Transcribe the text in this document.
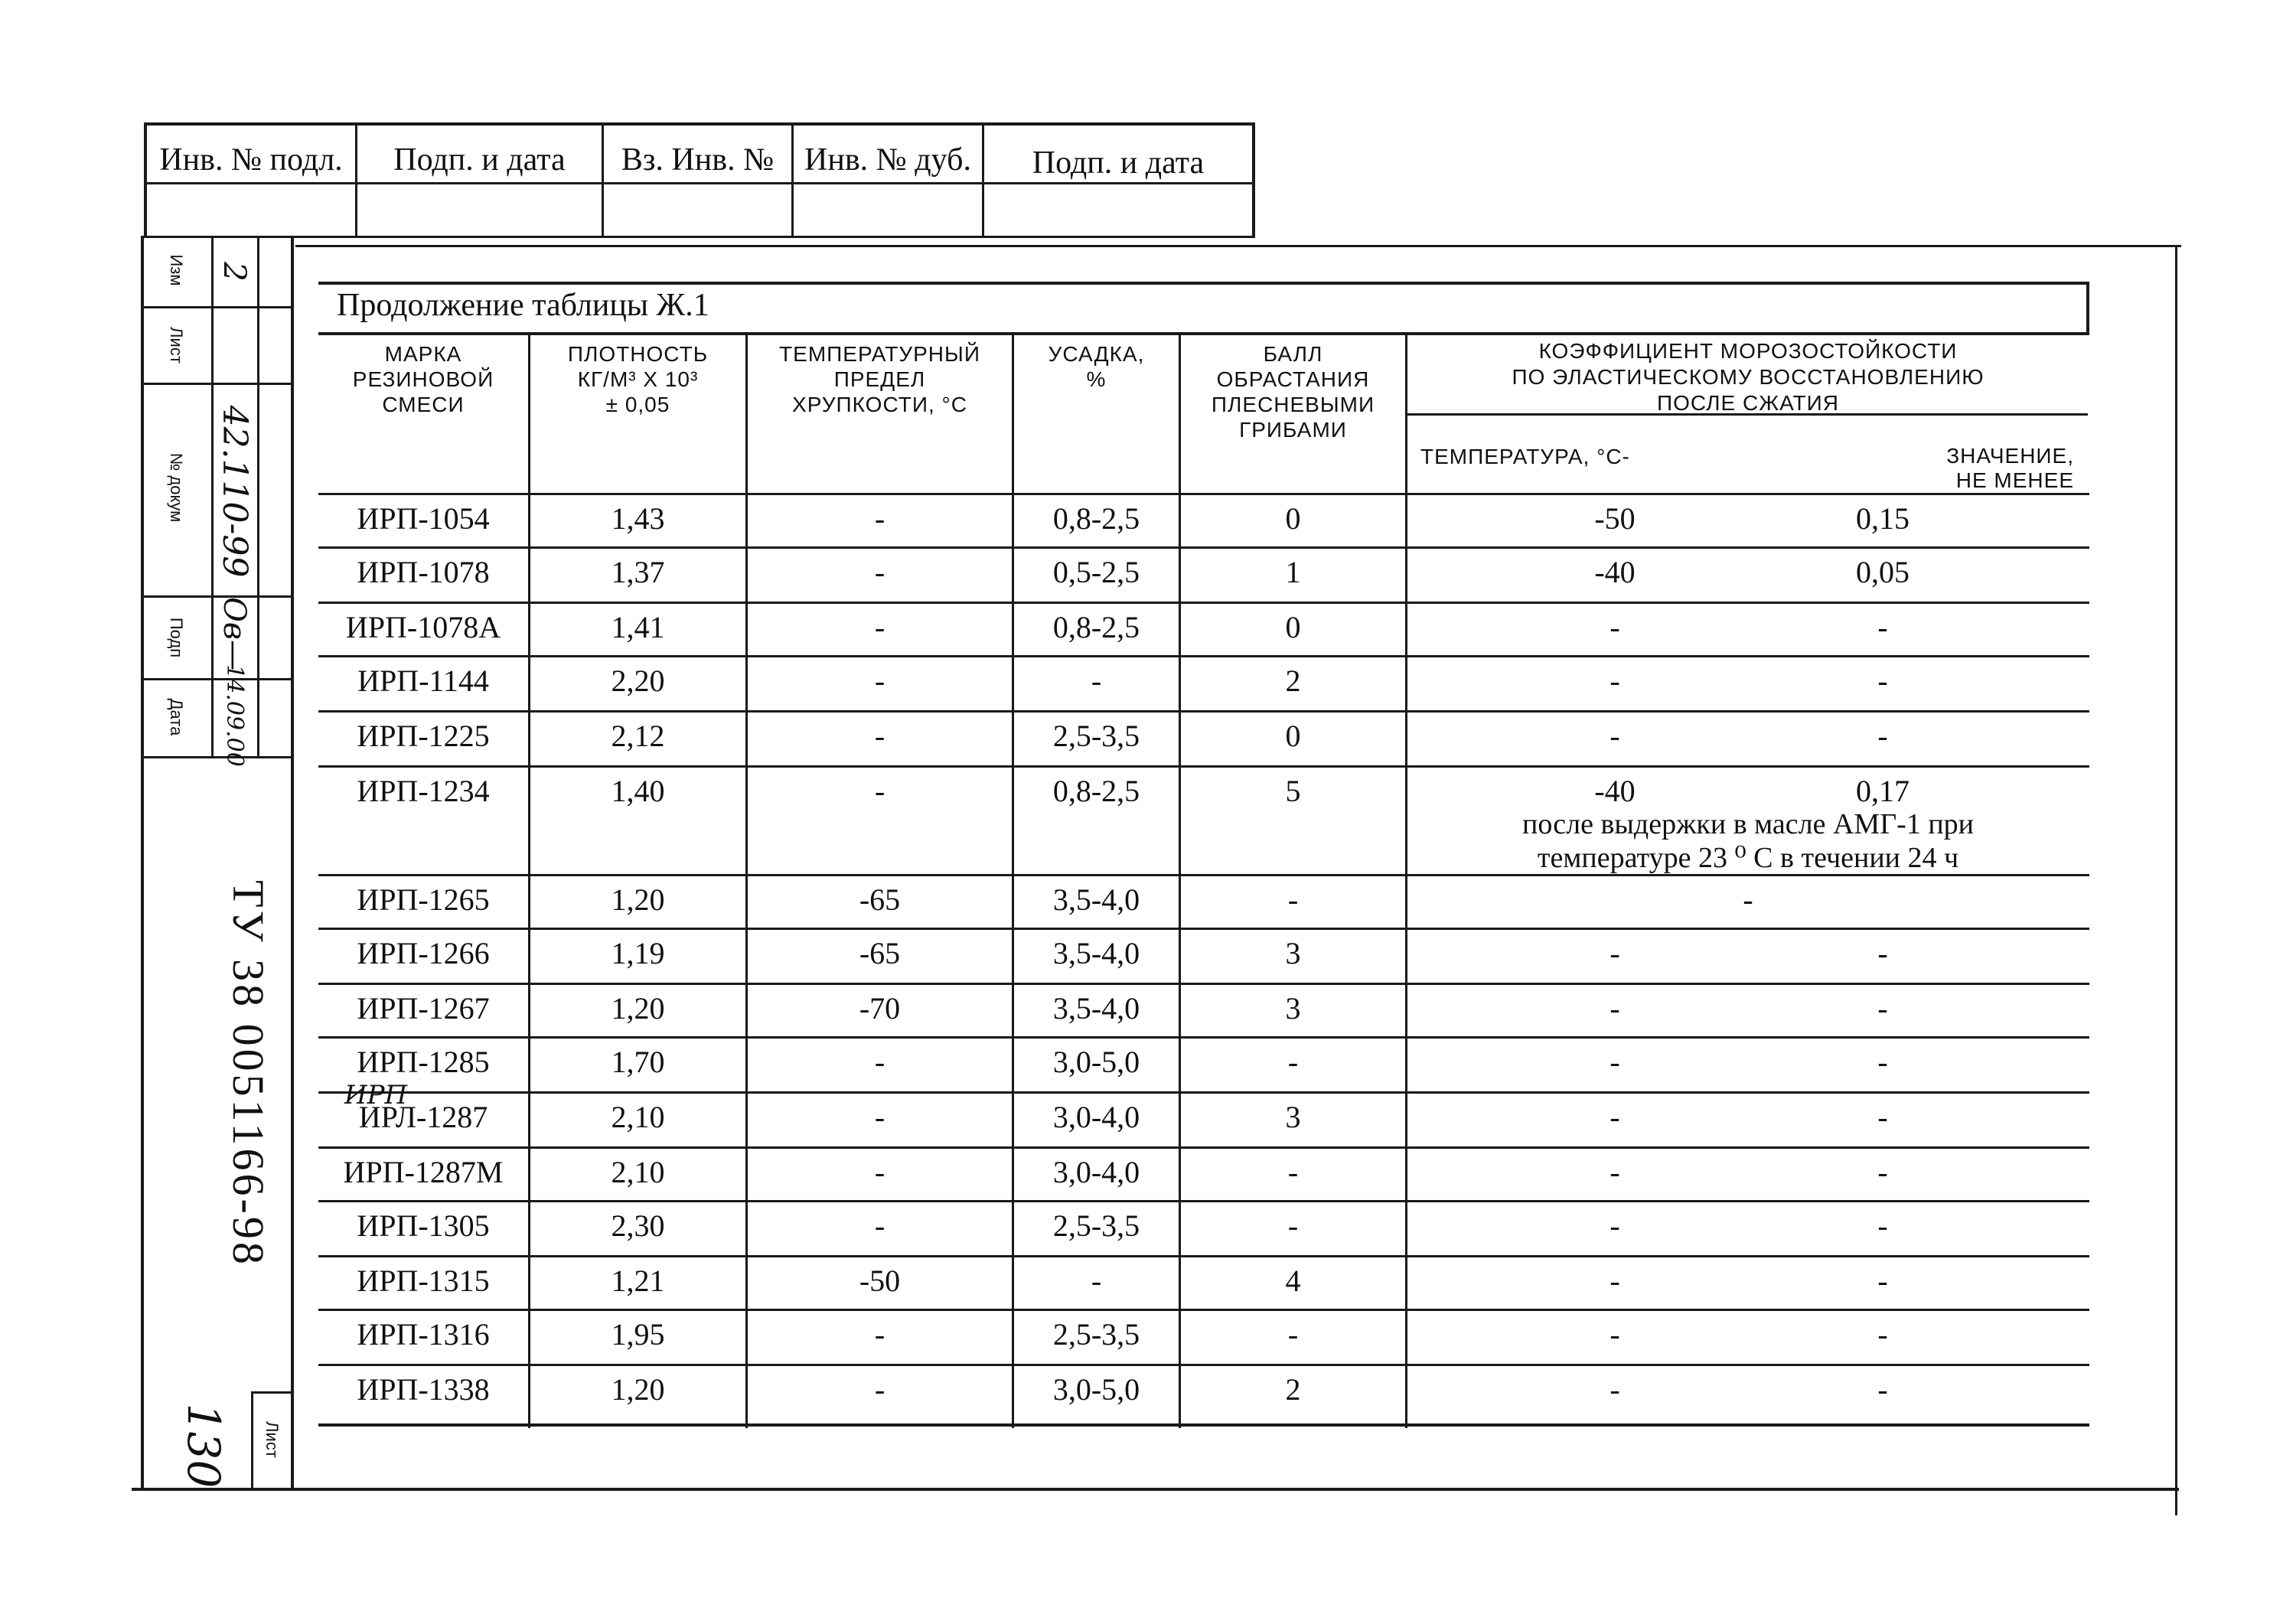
Инв. № подл.	Подп. и дата	Вз. Инв. № Инв. № дуб.	Подп. и дата
Изм
Лист
№ докум
Подп
Дата
2
42.110-99
Ов—
14.09.00
ТУ 38 0051166-98
Лист
130
Продолжение таблицы Ж.1
МАРКА
РЕЗИНОВОЙ
СМЕСИ
ПЛОТНОСТЬ
КГ/М³ Х 10³
± 0,05
ТЕМПЕРАТУРНЫЙ
ПРЕДЕЛ
ХРУПКОСТИ, °С
УСАДКА,
%
БАЛЛ
ОБРАСТАНИЯ
ПЛЕСНЕВЫМИ
ГРИБАМИ
КОЭФФИЦИЕНТ МОРОЗОСТОЙКОСТИ
ПО ЭЛАСТИЧЕСКОМУ ВОССТАНОВЛЕНИЮ
ПОСЛЕ СЖАТИЯ
ТЕМПЕРАТУРА, °С-	ЗНАЧЕНИЕ,
НЕ МЕНЕЕ
ИРП-1054	1,43	-	0,8-2,5	0	-50	0,15
ИРП-1078	1,37	-	0,5-2,5	1	-40	0,05
ИРП-1078А	1,41	-	0,8-2,5	0	-	-
ИРП-1144	2,20	-	-	2	-	-
ИРП-1225	2,12	-	2,5-3,5	0	-	-
ИРП-1234	1,40	-	0,8-2,5	5	-40	0,17
после выдержки в масле АМГ-1 при
температуре 23 ⁰ С в течении 24 ч
ИРП-1265	1,20	-65	3,5-4,0	-	-
ИРП-1266	1,19	-65	3,5-4,0	3	-	-
ИРП-1267	1,20	-70	3,5-4,0	3	-	-
ИРП-1285	1,70	-	3,0-5,0	-	-	-
ИРЛ-1287	2,10	-	3,0-4,0	3	-	-
ИРП
ИРП-1287М	2,10	-	3,0-4,0	-	-	-
ИРП-1305	2,30	-	2,5-3,5	-	-	-
ИРП-1315	1,21	-50	-	4	-	-
ИРП-1316	1,95	-	2,5-3,5	-	-	-
ИРП-1338	1,20	-	3,0-5,0	2	-	-
